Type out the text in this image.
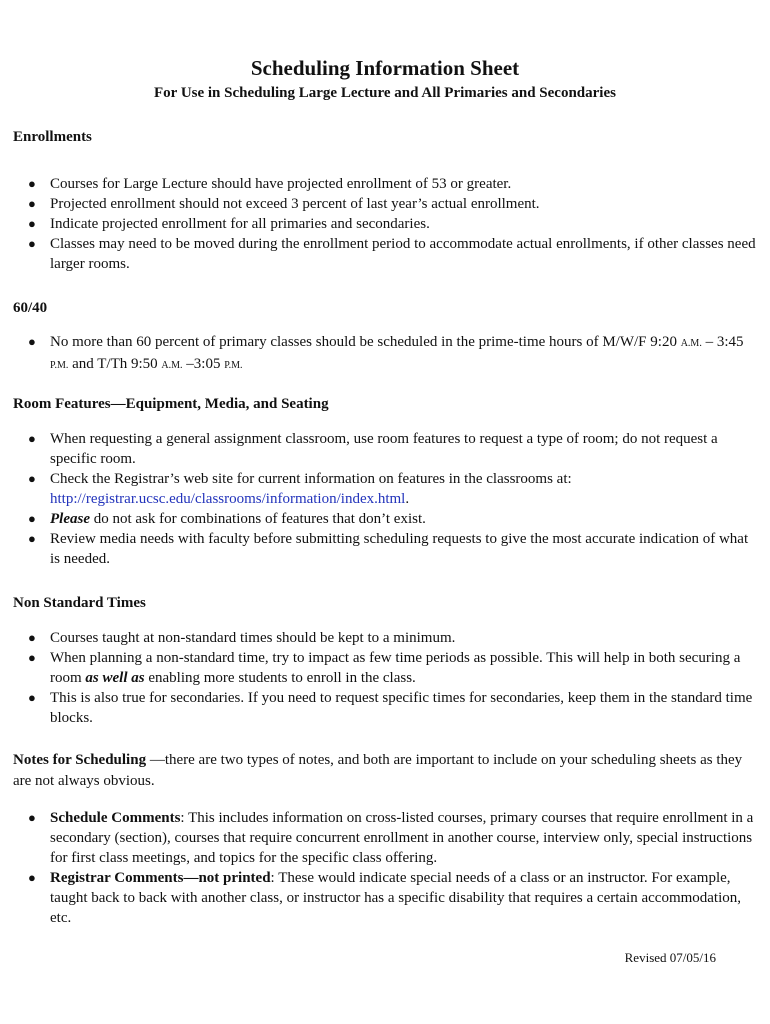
Scheduling Information Sheet
For Use in Scheduling Large Lecture and All Primaries and Secondaries
Enrollments
● Courses for Large Lecture should have projected enrollment of 53 or greater.
● Projected enrollment should not exceed 3 percent of last year’s actual enrollment.
● Indicate projected enrollment for all primaries and secondaries.
● Classes may need to be moved during the enrollment period to accommodate actual enrollments, if other classes need larger rooms.
60/40
● No more than 60 percent of primary classes should be scheduled in the prime-time hours of M/W/F 9:20 A.M. – 3:45 P.M. and T/Th 9:50 A.M. –3:05 P.M.
Room Features—Equipment, Media, and Seating
● When requesting a general assignment classroom, use room features to request a type of room; do not request a specific room.
● Check the Registrar’s web site for current information on features in the classrooms at:
http://registrar.ucsc.edu/classrooms/information/index.html.
● Please do not ask for combinations of features that don’t exist.
● Review media needs with faculty before submitting scheduling requests to give the most accurate indication of what is needed.
Non Standard Times
● Courses taught at non-standard times should be kept to a minimum.
● When planning a non-standard time, try to impact as few time periods as possible. This will help in both securing a room as well as enabling more students to enroll in the class.
● This is also true for secondaries. If you need to request specific times for secondaries, keep them in the standard time blocks.

Notes for Scheduling —there are two types of notes, and both are important to include on your scheduling sheets as they are not always obvious.

● Schedule Comments: This includes information on cross-listed courses, primary courses that require enrollment in a secondary (section), courses that require concurrent enrollment in another course, interview only, special instructions for first class meetings, and topics for the specific class offering.
● Registrar Comments—not printed: These would indicate special needs of a class or an instructor. For example, taught back to back with another class, or instructor has a specific disability that requires a certain accommodation, etc.

Revised 07/05/16
